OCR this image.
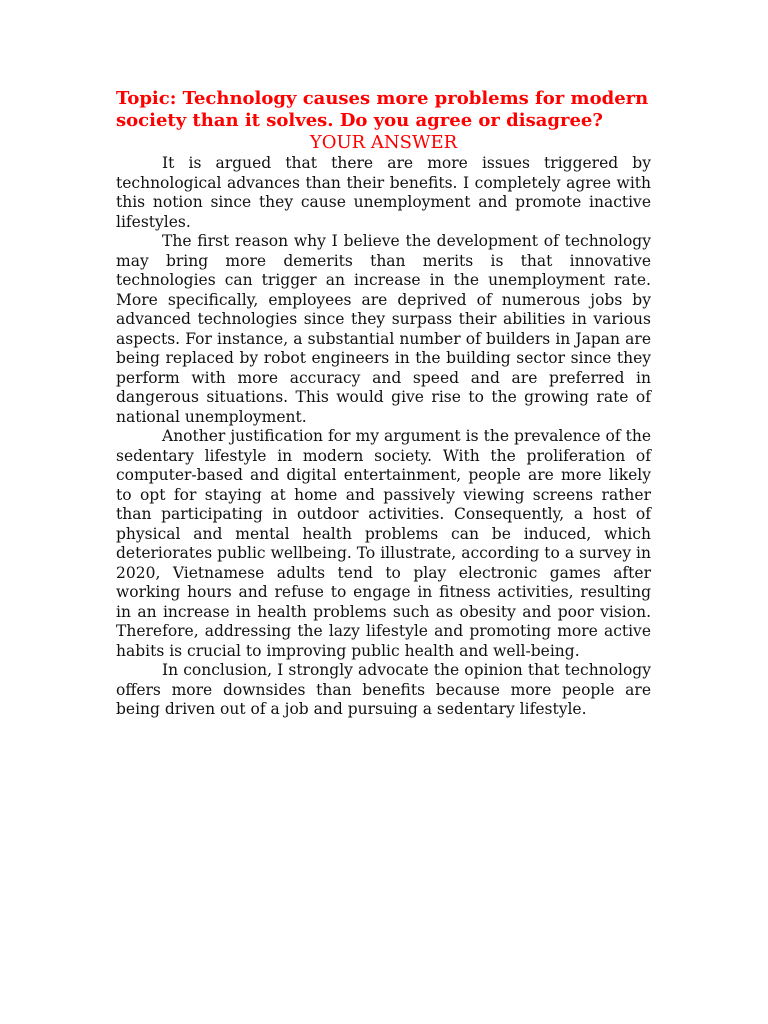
Topic: Technology causes more problems for modern society than it solves. Do you agree or disagree?
YOUR ANSWER

It is argued that there are more issues triggered by technological advances than their benefits. I completely agree with this notion since they cause unemployment and promote inactive lifestyles.

The first reason why I believe the development of technology may bring more demerits than merits is that innovative technologies can trigger an increase in the unemployment rate. More specifically, employees are deprived of numerous jobs by advanced technologies since they surpass their abilities in various aspects. For instance, a substantial number of builders in Japan are being replaced by robot engineers in the building sector since they perform with more accuracy and speed and are preferred in dangerous situations. This would give rise to the growing rate of national unemployment.

Another justification for my argument is the prevalence of the sedentary lifestyle in modern society. With the proliferation of computer-based and digital entertainment, people are more likely to opt for staying at home and passively viewing screens rather than participating in outdoor activities. Consequently, a host of physical and mental health problems can be induced, which deteriorates public wellbeing. To illustrate, according to a survey in 2020, Vietnamese adults tend to play electronic games after working hours and refuse to engage in fitness activities, resulting in an increase in health problems such as obesity and poor vision. Therefore, addressing the lazy lifestyle and promoting more active habits is crucial to improving public health and well-being.

In conclusion, I strongly advocate the opinion that technology offers more downsides than benefits because more people are being driven out of a job and pursuing a sedentary lifestyle.
